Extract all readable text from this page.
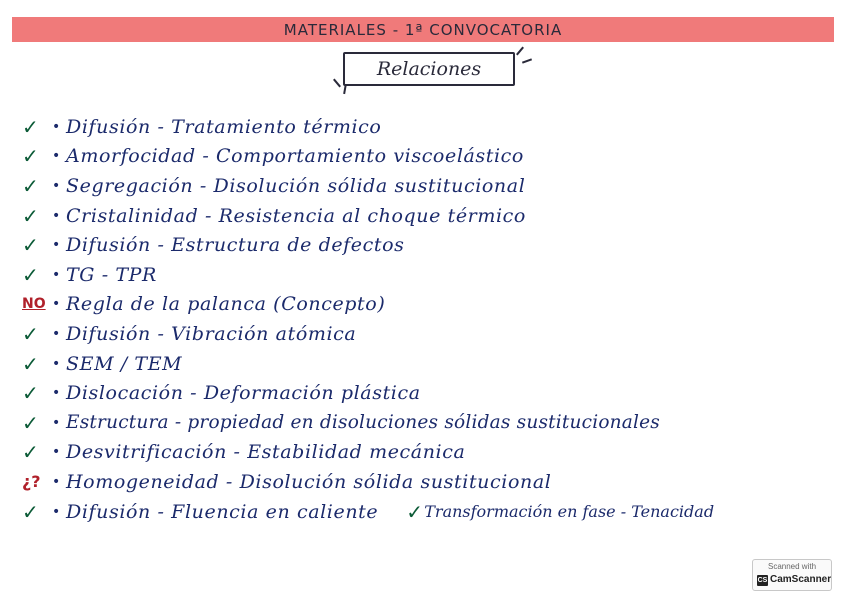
MATERIALES - 1ª CONVOCATORIA
Relaciones
✓ • Difusión - Tratamiento térmico
✓ • Amorfocidad - Comportamiento viscoelástico
✓ • Segregación - Disolución sólida sustitucional
✓ • Cristalinidad - Resistencia al choque térmico
✓ • Difusión - Estructura de defectos
✓ • TG - TPR
NO • Regla de la palanca (Concepto)
✓ • Difusión - Vibración atómica
✓ • SEM / TEM
✓ • Dislocación - Deformación plástica
✓ • Estructura - propiedad en disoluciones sólidas sustitucionales
✓ • Desvitrificación - Estabilidad mecánica
¿? • Homogeneidad - Disolución sólida sustitucional
✓ • Difusión - Fluencia en caliente ✓ Transformación en fase - Tenacidad
Scanned with
CS CamScanner
